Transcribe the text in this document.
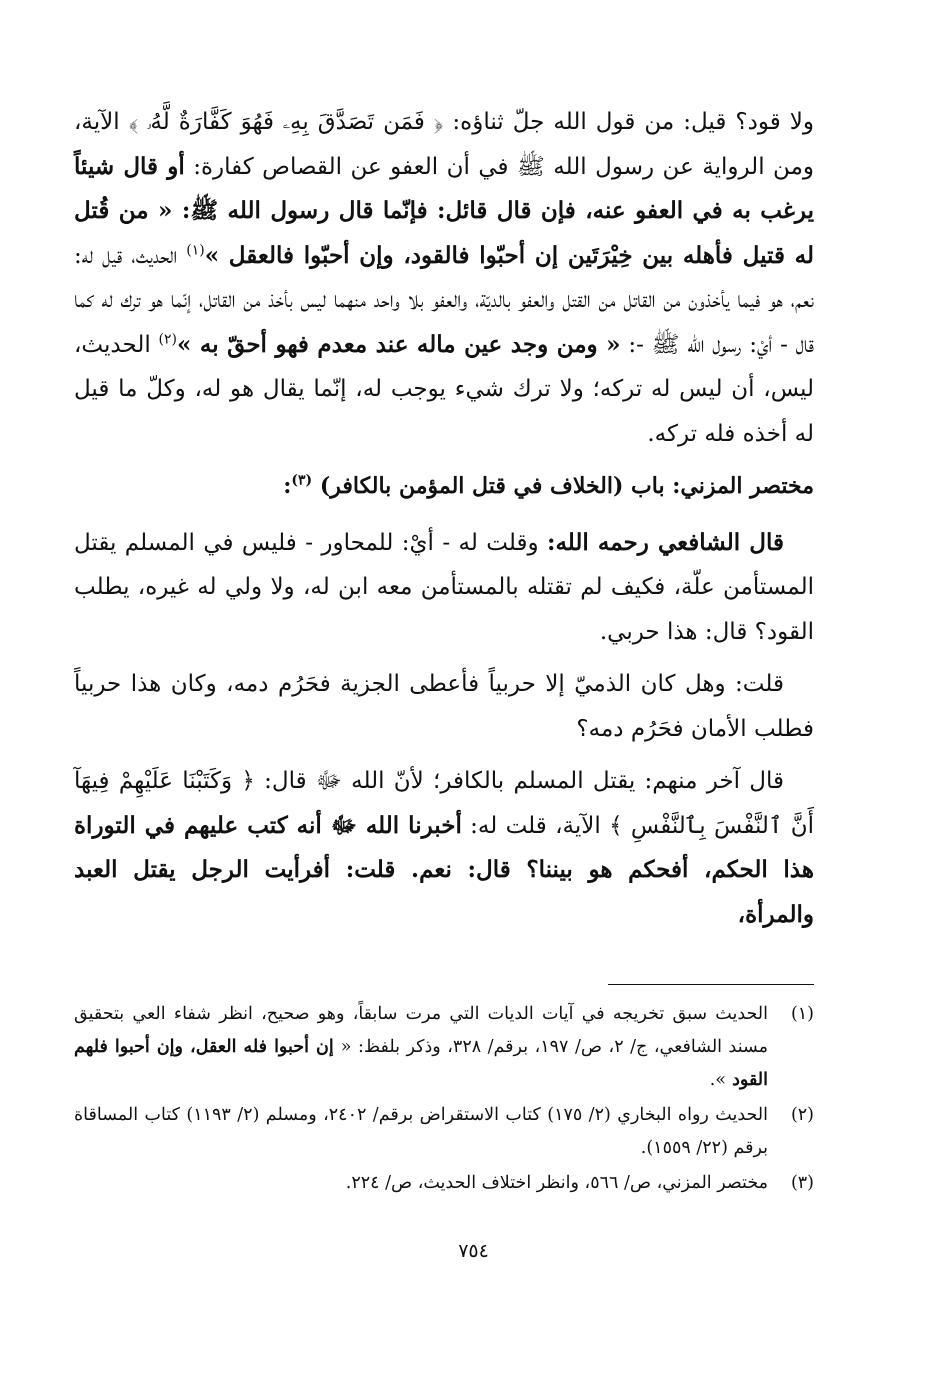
ولا قود؟ قيل: من قول الله جلّ ثناؤه: ﴿ فَمَن تَصَدَّقَ بِهِۦ فَهُوَ كَفَّارَةٌ لَّهُۥ ﴾ الآية، ومن الرواية عن رسول الله ﷺ في أن العفو عن القصاص كفارة: أو قال شيئاً يرغب به في العفو عنه، فإن قال قائل: فإنّما قال رسول الله ﷺ: « من قُتل له قتيل فأهله بين خِيْرَتَين إن أحبّوا فالقود، وإن أحبّوا فالعقل »$^{(١)}$ الحديث، قيل له: نعم، هو فيما يأخذون من القاتل من القتل والعفو بالديّة، والعفو بلا واحد منهما ليس بأخذ من القاتل، إنّما هو ترك له كما قال - أيْ: رسول الله ﷺ -: « ومن وجد عين ماله عند معدم فهو أحقّ به »$^{(٢)}$ الحديث، ليس، أن ليس له تركه؛ ولا ترك شيء يوجب له، إنّما يقال هو له، وكلّ ما قيل له أخذه فله تركه.

مختصر المزني: باب (الخلاف في قتل المؤمن بالكافر) $^{(٣)}$:

قال الشافعي رحمه الله: وقلت له - أيْ: للمحاور - فليس في المسلم يقتل المستأمن علّة، فكيف لم تقتله بالمستأمن معه ابن له، ولا ولي له غيره، يطلب القود؟ قال: هذا حربي.

قلت: وهل كان الذميّ إلا حربياً فأعطى الجزية فحَرُم دمه، وكان هذا حربياً فطلب الأمان فحَرُم دمه؟

قال آخر منهم: يقتل المسلم بالكافر؛ لأنّ الله ﷻ قال: ﴿ وَكَتَبْنَا عَلَيْهِمْ فِيهَآ أَنَّ ٱلنَّفْسَ بِٱلنَّفْسِ ﴾ الآية، قلت له: أخبرنا الله ﷻ أنه كتب عليهم في التوراة هذا الحكم، أفحكم هو بيننا؟ قال: نعم. قلت: أفرأيت الرجل يقتل العبد والمرأة،

(١)
الحديث سبق تخريجه في آيات الديات التي مرت سابقاً، وهو صحيح، انظر شفاء العي بتحقيق مسند الشافعي، ج/ ٢، ص/ ١٩٧، برقم/ ٣٢٨، وذكر بلفظ: « إن أحبوا فله العقل، وإن أحبوا فلهم القود ».
(٢)
الحديث رواه البخاري (٢/ ١٧٥) كتاب الاستقراض برقم/ ٢٤٠٢، ومسلم (٢/ ١١٩٣) كتاب المساقاة برقم (٢٢/ ١٥٥٩).
(٣)
مختصر المزني، ص/ ٥٦٦، وانظر اختلاف الحديث، ص/ ٢٢٤.
٧٥٤
